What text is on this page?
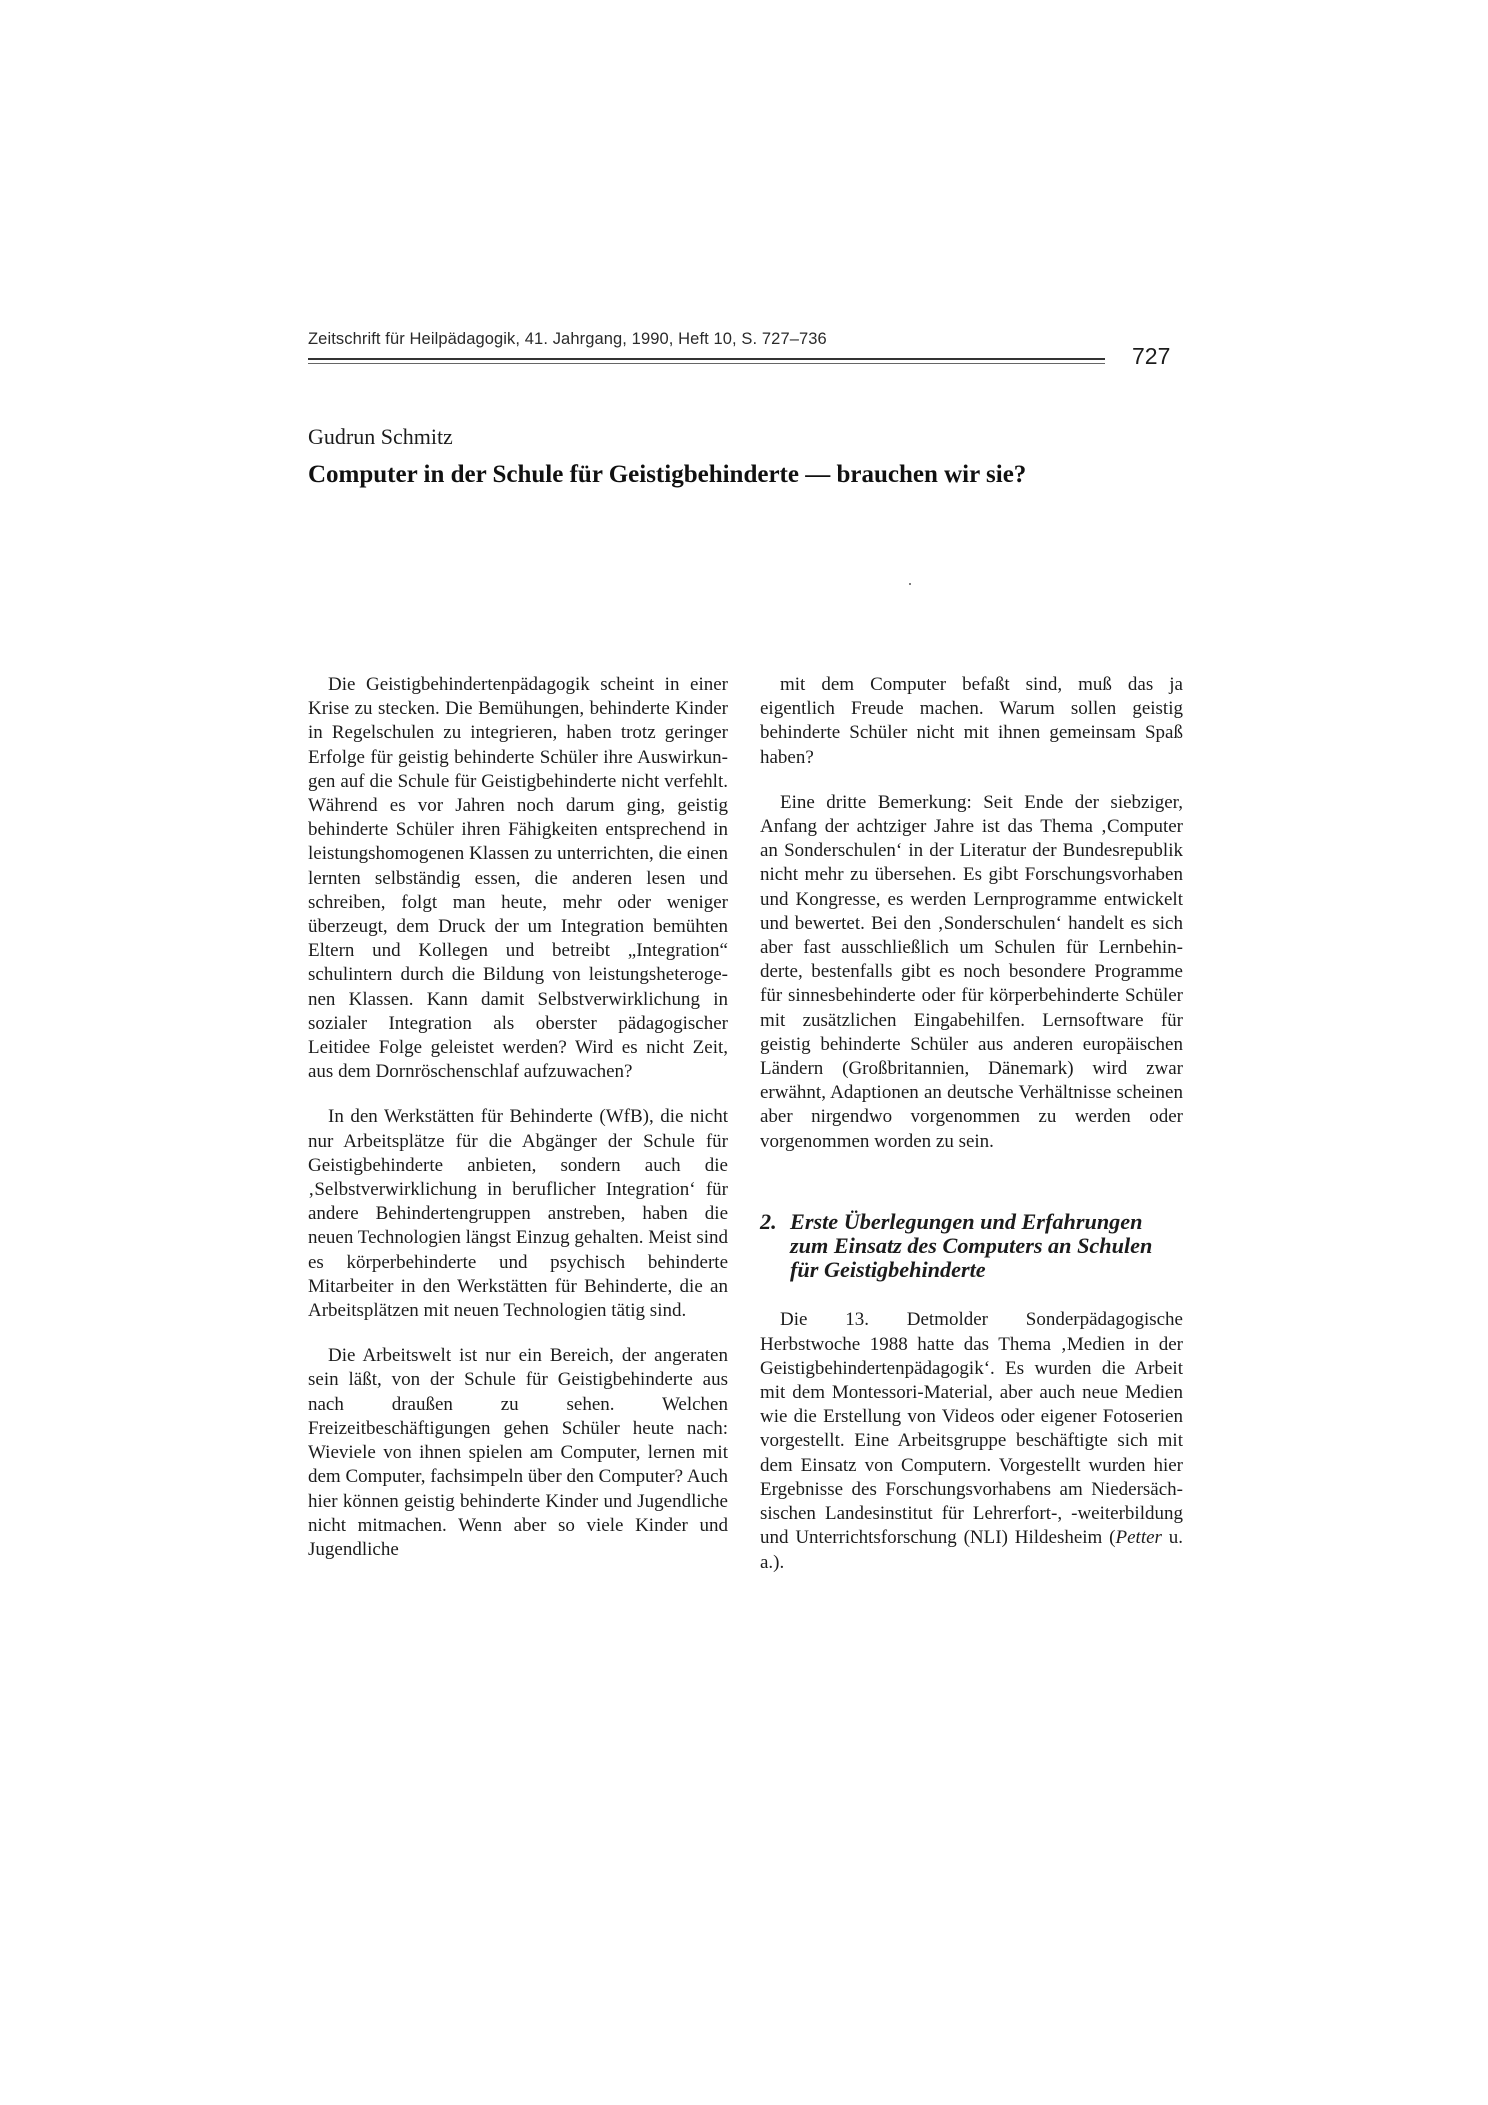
Zeitschrift für Heilpädagogik, 41. Jahrgang, 1990, Heft 10, S. 727–736
727
Gudrun Schmitz
Computer in der Schule für Geistigbehinderte — brauchen wir sie?

Die Geistigbehindertenpädagogik scheint in einer Krise zu stecken. Die Bemühungen, behinderte Kinder in Regelschulen zu integrieren, haben trotz geringer Erfolge für geistig behinderte Schüler ihre Auswirkungen auf die Schule für Geistigbehinderte nicht verfehlt. Während es vor Jahren noch darum ging, geistig behinderte Schüler ihren Fähigkeiten entsprechend in leistungshomogenen Klassen zu unterrichten, die einen lernten selbständig essen, die anderen lesen und schreiben, folgt man heute, mehr oder weniger überzeugt, dem Druck der um Integration bemühten Eltern und Kollegen und betreibt „Integration“ schulintern durch die Bildung von leistungsheterogenen Klassen. Kann damit Selbstverwirklichung in sozialer Integration als oberster pädagogischer Leitidee Folge geleistet werden? Wird es nicht Zeit, aus dem Dornröschenschlaf aufzuwachen?

In den Werkstätten für Behinderte (WfB), die nicht nur Arbeitsplätze für die Abgänger der Schule für Geistigbehinderte anbieten, sondern auch die ‚Selbstverwirklichung in beruflicher Integration‘ für andere Behindertengruppen anstreben, haben die neuen Technologien längst Einzug gehalten. Meist sind es körperbehinderte und psychisch behinderte Mitarbeiter in den Werkstätten für Behinderte, die an Arbeitsplätzen mit neuen Technologien tätig sind.

Die Arbeitswelt ist nur ein Bereich, der angeraten sein läßt, von der Schule für Geistigbehinderte aus nach draußen zu sehen. Welchen Freizeitbeschäftigungen gehen Schüler heute nach: Wieviele von ihnen spielen am Computer, lernen mit dem Computer, fachsimpeln über den Computer? Auch hier können geistig behinderte Kinder und Jugendliche nicht mitmachen. Wenn aber so viele Kinder und Jugendliche

mit dem Computer befaßt sind, muß das ja eigentlich Freude machen. Warum sollen geistig behinderte Schüler nicht mit ihnen gemeinsam Spaß haben?

Eine dritte Bemerkung: Seit Ende der siebziger, Anfang der achtziger Jahre ist das Thema ‚Computer an Sonderschulen‘ in der Literatur der Bundesrepublik nicht mehr zu übersehen. Es gibt Forschungsvorhaben und Kongresse, es werden Lernprogramme entwickelt und bewertet. Bei den ‚Sonderschulen‘ handelt es sich aber fast ausschließlich um Schulen für Lernbehinderte, bestenfalls gibt es noch besondere Programme für sinnesbehinderte oder für körperbehinderte Schüler mit zusätzlichen Eingabehilfen. Lernsoftware für geistig behinderte Schüler aus anderen europäischen Ländern (Großbritannien, Dänemark) wird zwar erwähnt, Adaptionen an deutsche Verhältnisse scheinen aber nirgendwo vorgenommen zu werden oder vorgenommen worden zu sein.

2. Erste Überlegungen und Erfahrungen
zum Einsatz des Computers an Schulen
für Geistigbehinderte

Die 13. Detmolder Sonderpädagogische Herbstwoche 1988 hatte das Thema ‚Medien in der Geistigbehindertenpädagogik‘. Es wurden die Arbeit mit dem Montessori-Material, aber auch neue Medien wie die Erstellung von Videos oder eigener Fotoserien vorgestellt. Eine Arbeitsgruppe beschäftigte sich mit dem Einsatz von Computern. Vorgestellt wurden hier Ergebnisse des Forschungsvorhabens am Niedersächsischen Landesinstitut für Lehrerfort-, -weiterbildung und Unterrichtsforschung (NLI) Hildesheim (Petter u. a.).
